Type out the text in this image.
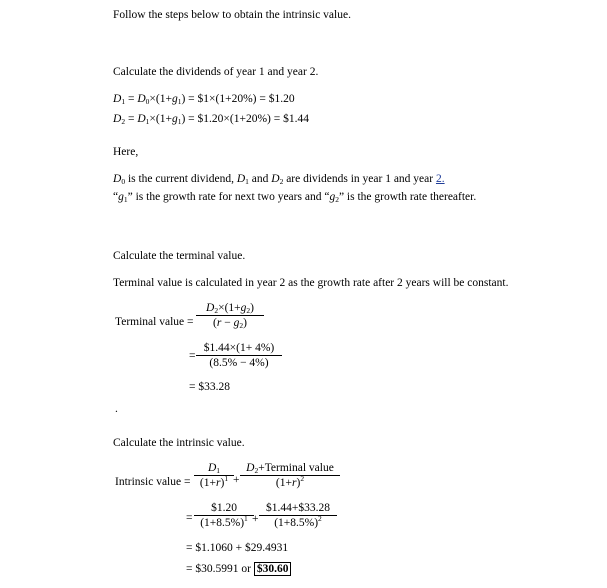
Follow the steps below to obtain the intrinsic value.
Calculate the dividends of year 1 and year 2.
$D_1 = D_0\times(1+g_1)$ = $1×(1+20%) = $1.20
$D_2 = D_1\times(1+g_1)$ = $1.20×(1+20%) = $1.44
Here,
$D_0$ is the current dividend, $D_1$ and $D_2$ are dividends in year 1 and year 2.
“$g_1$” is the growth rate for next two years and “$g_2$” is the growth rate thereafter.
Calculate the terminal value.
Terminal value is calculated in year 2 as the growth rate after 2 years will be constant.
Terminal value = $\frac{D_2\times(1+g_2)}{(r - g_2)}$
= $\frac{\$1.44\times(1+ 4\%)}{(8.5\% - 4\%)}$
= $33.28
.
Calculate the intrinsic value.
Intrinsic value = $\frac{D_1}{(1+r)^1}$ +
$D_2+Terminal$ value
$(1+r)^2$
= $\frac{\$1.20}{(1+8.5\%)^1}$
+ $\frac{\$1.44+\$33.28}{(1+8.5\%)^2}$
= $1.1060 + $29.4931
= $30.5991 or $30.60
